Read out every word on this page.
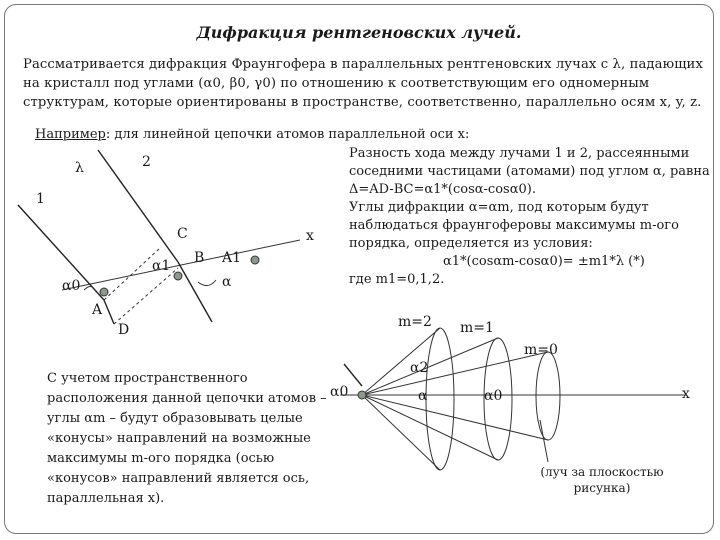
Дифракция рентгеновских лучей.
Рассматривается дифракция Фраунгофера в параллельных рентгеновских лучах с λ, падающих на кристалл под углами (α0, β0, γ0) по отношению к соответствующим его одномерным структурам, которые ориентированы в пространстве, соответственно, параллельно осям x, y, z.
Например: для линейной цепочки атомов параллельной оси x:
Разность хода между лучами 1 и 2, рассеянными соседними частицами (атомами) под углом α, равна Δ=AD-BC=α1*(cosα-cosα0).
Углы дифракции α=αm, под которым будут наблюдаться фраунгоферовы максимумы m-ого порядка, определяется из условия:
α1*(cosαm-cosα0)= ±m1*λ (*)
где m1=0,1,2.
С учетом пространственного расположения данной цепочки атомов – углы αm – будут образовывать целые «конусы» направлений на возможные максимумы m-ого порядка (осью «конусов» направлений является ось, параллельная x).
λ
1
2
C
α1 B A1
α
α0
A
D
x
m=2 m=1
m=0
α0
α2
α	α0	x
(луч за плоскостью рисунка)
